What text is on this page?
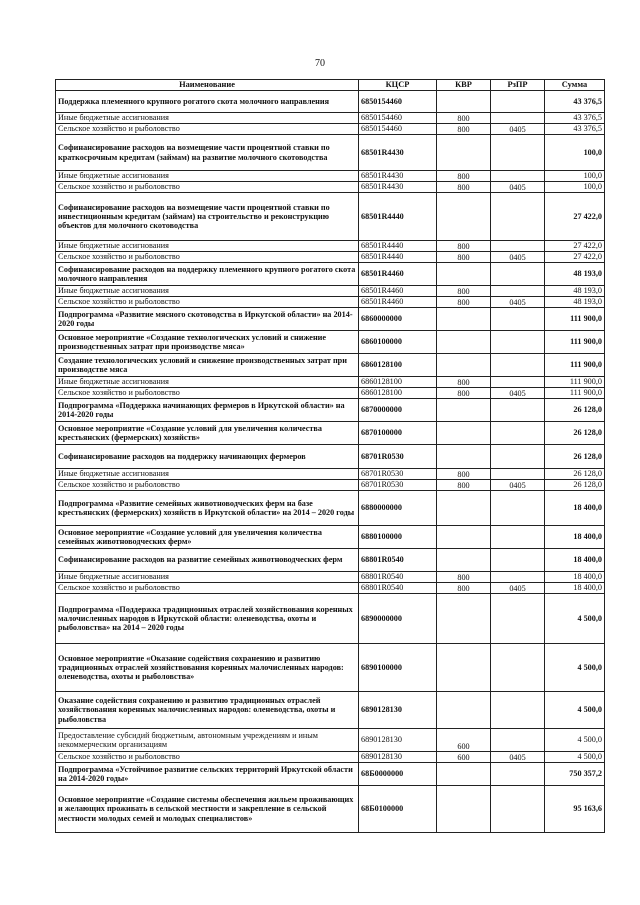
70
Наименование	КЦСР	КВР	РзПР	Сумма
Поддержка племенного крупного рогатого скота молочного направления	6850154460			43 376,5
Иные бюджетные ассигнования	6850154460	800		43 376,5
Сельское хозяйство и рыболовство	6850154460	800	0405	43 376,5
Софинансирование расходов на возмещение части процентной ставки по краткосрочным кредитам (займам) на развитие молочного скотоводства	68501R4430			100,0
Иные бюджетные ассигнования	68501R4430	800		100,0
Сельское хозяйство и рыболовство	68501R4430	800	0405	100,0
Софинансирование расходов на возмещение части процентной ставки по инвестиционным кредитам (займам) на строительство и реконструкцию объектов для молочного скотоводства	68501R4440			27 422,0
Иные бюджетные ассигнования	68501R4440	800		27 422,0
Сельское хозяйство и рыболовство	68501R4440	800	0405	27 422,0
Софинансирование расходов на поддержку племенного крупного рогатого скота молочного направления	68501R4460			48 193,0
Иные бюджетные ассигнования	68501R4460	800		48 193,0
Сельское хозяйство и рыболовство	68501R4460	800	0405	48 193,0
Подпрограмма «Развитие мясного скотоводства в Иркутской области» на 2014-2020 годы	6860000000			111 900,0
Основное мероприятие «Создание технологических условий и снижение производственных затрат при производстве мяса»	6860100000			111 900,0
Создание технологических условий и снижение производственных затрат при производстве мяса	6860128100			111 900,0
Иные бюджетные ассигнования	6860128100	800		111 900,0
Сельское хозяйство и рыболовство	6860128100	800	0405	111 900,0
Подпрограмма «Поддержка начинающих фермеров в Иркутской области» на 2014-2020 годы	6870000000			26 128,0
Основное мероприятие «Создание условий для увеличения количества крестьянских (фермерских) хозяйств»	6870100000			26 128,0
Софинансирование расходов на поддержку начинающих фермеров	68701R0530			26 128,0
Иные бюджетные ассигнования	68701R0530	800		26 128,0
Сельское хозяйство и рыболовство	68701R0530	800	0405	26 128,0
Подпрограмма «Развитие семейных животноводческих ферм на базе крестьянских (фермерских) хозяйств в Иркутской области» на 2014 – 2020 годы	6880000000			18 400,0
Основное мероприятие «Создание условий для увеличения количества семейных животноводческих ферм»	6880100000			18 400,0
Софинансирование расходов на развитие семейных животноводческих ферм	68801R0540			18 400,0
Иные бюджетные ассигнования	68801R0540	800		18 400,0
Сельское хозяйство и рыболовство	68801R0540	800	0405	18 400,0
Подпрограмма «Поддержка традиционных отраслей хозяйствования коренных малочисленных народов в Иркутской области: оленеводства, охоты и рыболовства» на 2014 – 2020 годы	6890000000			4 500,0
Основное мероприятие «Оказание содействия сохранению и развитию традиционных отраслей хозяйствования коренных малочисленных народов: оленеводства, охоты и рыболовства»	6890100000			4 500,0
Оказание содействия сохранению и развитию традиционных отраслей хозяйствования коренных малочисленных народов: оленеводства, охоты и рыболовства	6890128130			4 500,0
Предоставление субсидий бюджетным, автономным учреждениям и иным некоммерческим организациям	6890128130	600		4 500,0
Сельское хозяйство и рыболовство	6890128130	600	0405	4 500,0
Подпрограмма «Устойчивое развитие сельских территорий Иркутской области на 2014-2020 годы»	68Б0000000			750 357,2
Основное мероприятие «Создание системы обеспечения жильем проживающих и желающих проживать в сельской местности и закрепление в сельской местности молодых семей и молодых специалистов»	68Б0100000			95 163,6
